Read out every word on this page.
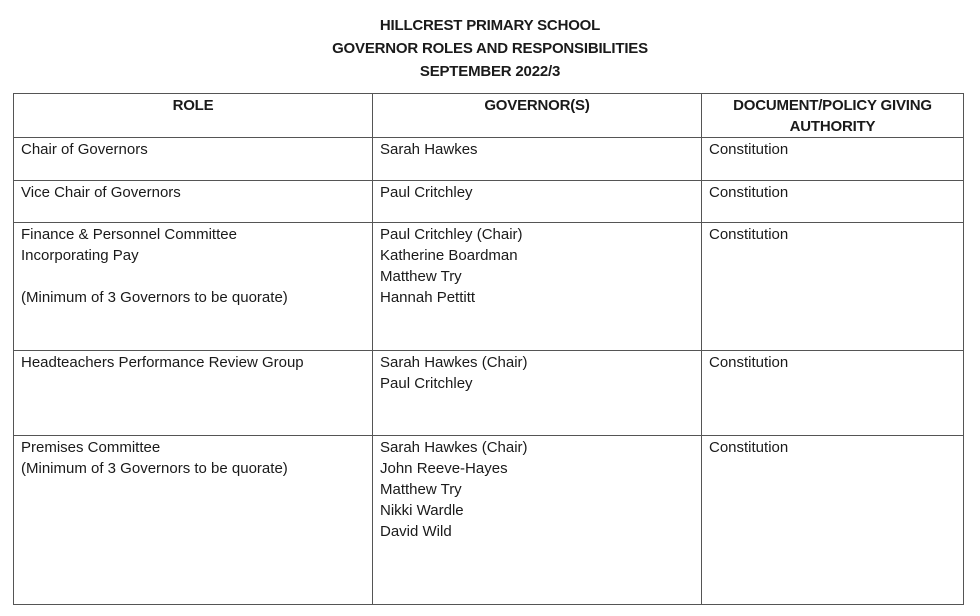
HILLCREST PRIMARY SCHOOL
GOVERNOR ROLES AND RESPONSIBILITIES
SEPTEMBER 2022/3
ROLE	GOVERNOR(S)	DOCUMENT/POLICY GIVING
AUTHORITY

Chair of Governors	Sarah Hawkes	Constitution

Vice Chair of Governors	Paul Critchley	Constitution

Finance & Personnel Committee
Incorporating Pay
(Minimum of 3 Governors to be quorate)	Paul Critchley (Chair)
Katherine Boardman
Matthew Try
Hannah Pettitt	Constitution

Headteachers Performance Review Group	Sarah Hawkes (Chair)
Paul Critchley	Constitution

Premises Committee
(Minimum of 3 Governors to be quorate)	Sarah Hawkes (Chair)
John Reeve-Hayes
Matthew Try
Nikki Wardle
David Wild	Constitution
